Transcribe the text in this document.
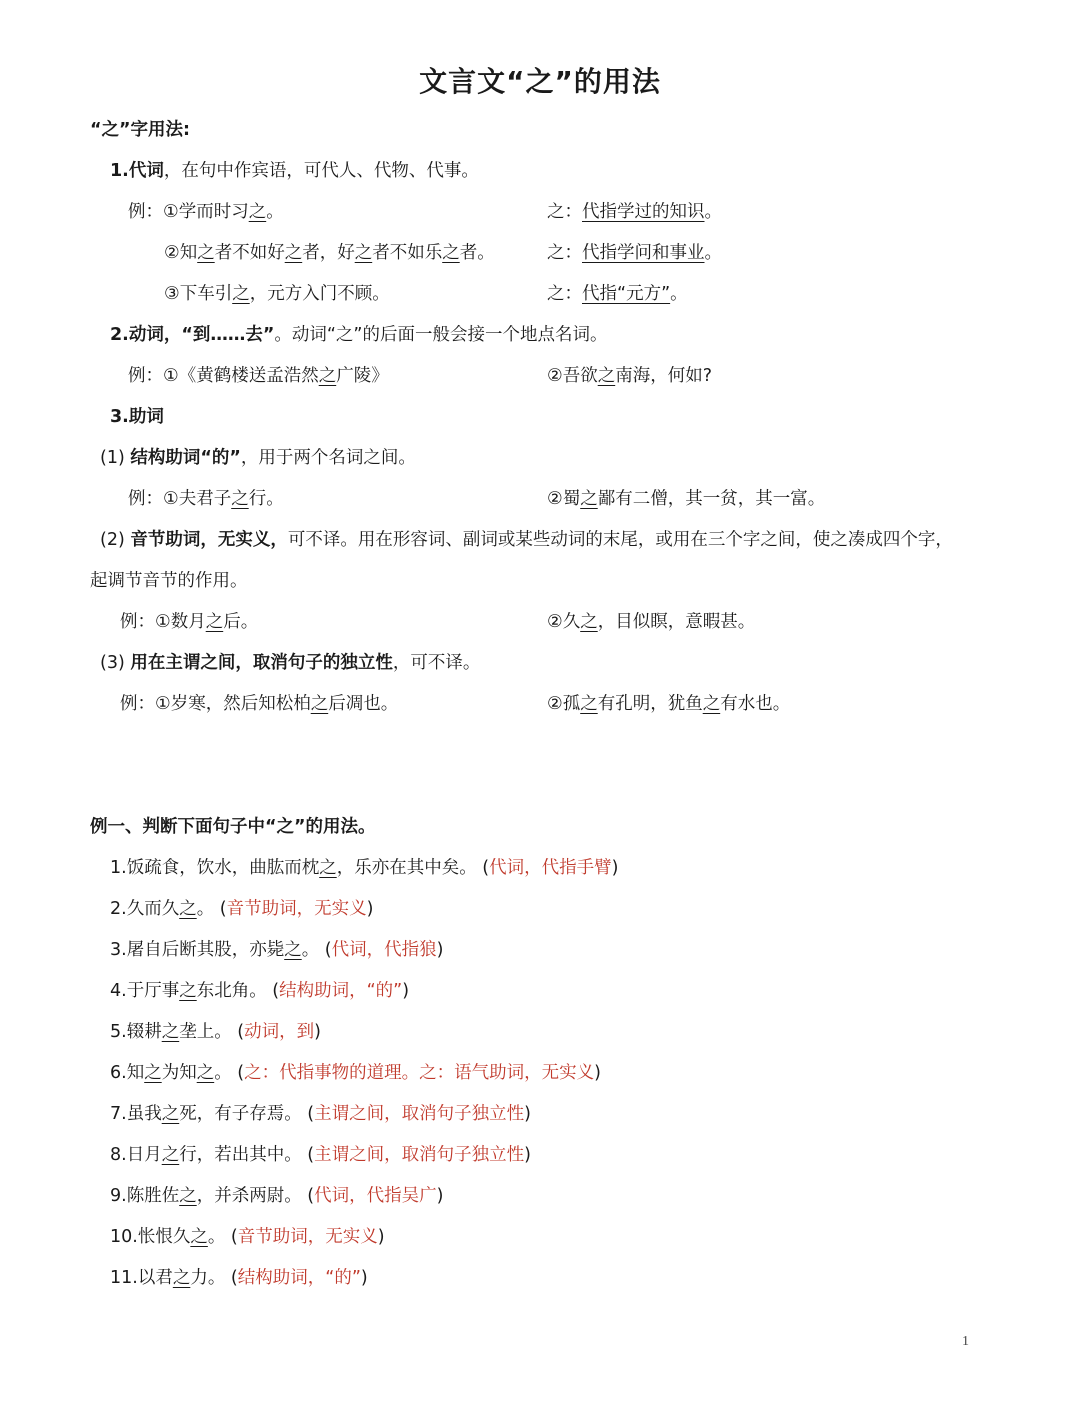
文言文“之”的用法
“之”字用法:
1.代词，在句中作宾语，可代人、代物、代事。
例：①学而时习之。	之：代指学过的知识。
②知之者不如好之者，好之者不如乐之者。	之：代指学问和事业。
③下车引之，元方入门不顾。	之：代指“元方”。
2.动词，“到……去”。动词“之”的后面一般会接一个地点名词。
例：①《黄鹤楼送孟浩然之广陵》	②吾欲之南海，何如?
3.助词
(1) 结构助词“的”，用于两个名词之间。
例：①夫君子之行。	②蜀之鄙有二僧，其一贫，其一富。
(2) 音节助词，无实义，可不译。用在形容词、副词或某些动词的末尾，或用在三个字之间，使之凑成四个字，
起调节音节的作用。
例：①数月之后。	②久之，目似瞑，意暇甚。
(3) 用在主谓之间，取消句子的独立性，可不译。
例：①岁寒，然后知松柏之后凋也。	②孤之有孔明，犹鱼之有水也。
例一、判断下面句子中“之”的用法。
1.饭疏食，饮水，曲肱而枕之，乐亦在其中矣。 (代词，代指手臂)
2.久而久之。 (音节助词，无实义)
3.屠自后断其股，亦毙之。 (代词，代指狼)
4.于厅事之东北角。 (结构助词，“的”)
5.辍耕之垄上。 (动词，到)
6.知之为知之。 (之：代指事物的道理。之：语气助词，无实义)
7.虽我之死，有子存焉。 (主谓之间，取消句子独立性)
8.日月之行，若出其中。 (主谓之间，取消句子独立性)
9.陈胜佐之，并杀两尉。 (代词，代指吴广)
10.怅恨久之。 (音节助词，无实义)
11.以君之力。 (结构助词，“的”)
1
